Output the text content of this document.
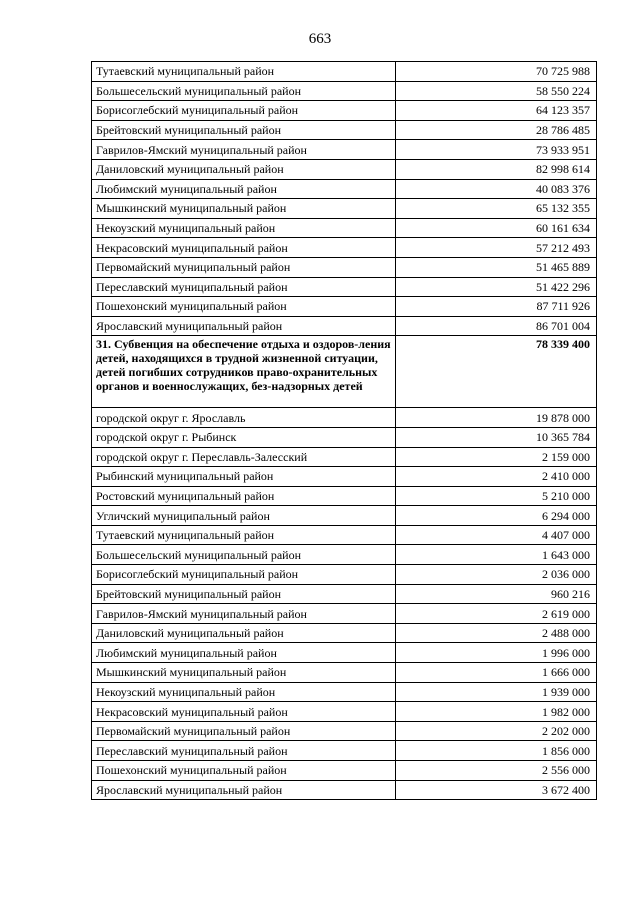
663
Тутаевский муниципальный район	70 725 988
Большесельский муниципальный район	58 550 224
Борисоглебский муниципальный район	64 123 357
Брейтовский муниципальный район	28 786 485
Гаврилов-Ямский муниципальный район	73 933 951
Даниловский муниципальный район	82 998 614
Любимский муниципальный район	40 083 376
Мышкинский муниципальный район	65 132 355
Некоузский муниципальный район	60 161 634
Некрасовский муниципальный район	57 212 493
Первомайский муниципальный район	51 465 889
Переславский муниципальный район	51 422 296
Пошехонский муниципальный район	87 711 926
Ярославский муниципальный район	86 701 004
31. Субвенция на обеспечение отдыха и оздоров-ления детей, находящихся в трудной жизненной ситуации, детей погибших сотрудников право-охранительных органов и военнослужащих, без-надзорных детей	78 339 400
городской округ г. Ярославль	19 878 000
городской округ г. Рыбинск	10 365 784
городской округ г. Переславль-Залесский	2 159 000
Рыбинский муниципальный район	2 410 000
Ростовский муниципальный район	5 210 000
Угличский муниципальный район	6 294 000
Тутаевский муниципальный район	4 407 000
Большесельский муниципальный район	1 643 000
Борисоглебский муниципальный район	2 036 000
Брейтовский муниципальный район	960 216
Гаврилов-Ямский муниципальный район	2 619 000
Даниловский муниципальный район	2 488 000
Любимский муниципальный район	1 996 000
Мышкинский муниципальный район	1 666 000
Некоузский муниципальный район	1 939 000
Некрасовский муниципальный район	1 982 000
Первомайский муниципальный район	2 202 000
Переславский муниципальный район	1 856 000
Пошехонский муниципальный район	2 556 000
Ярославский муниципальный район	3 672 400
